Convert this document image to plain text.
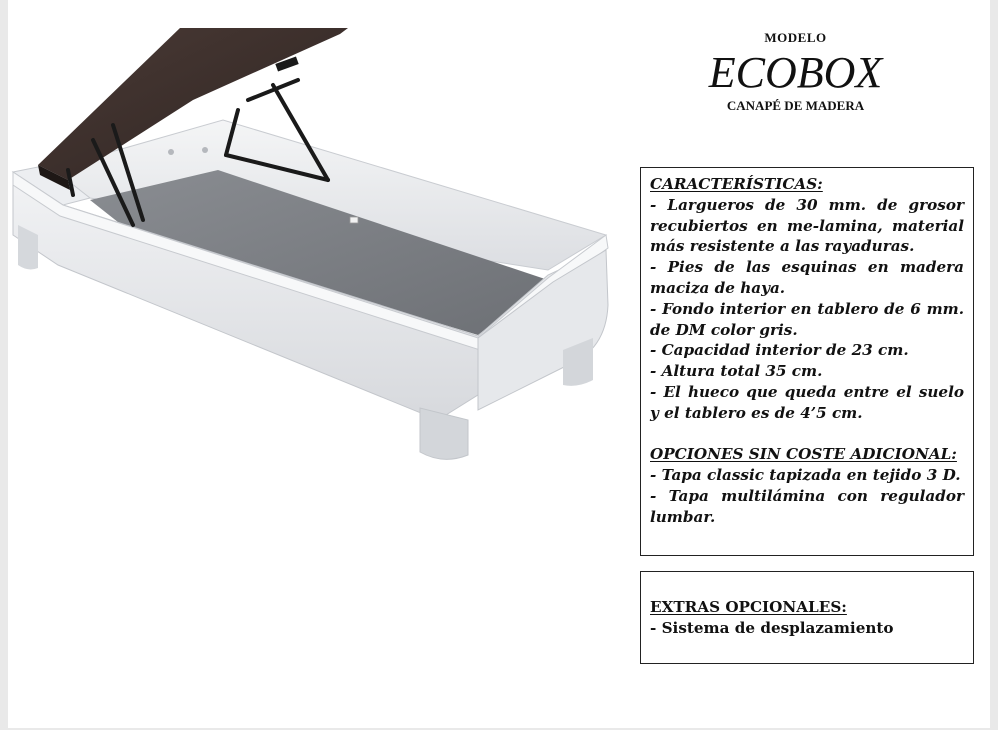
MODELO
ECOBOX
CANAPÉ DE MADERA
CARACTERÍSTICAS:
- Largueros de 30 mm. de grosor recubiertos en me-lamina, material más resistente a las rayaduras.
- Pies de las esquinas en madera maciza de haya.
- Fondo interior en tablero de 6 mm. de DM color gris.
- Capacidad interior de 23 cm.
- Altura total 35 cm.
- El hueco que queda entre el suelo y el tablero es de 4’5 cm.
OPCIONES SIN COSTE ADICIONAL:
- Tapa classic tapizada en tejido 3 D.
- Tapa multilámina con regulador lumbar.
EXTRAS OPCIONALES:
- Sistema de desplazamiento
